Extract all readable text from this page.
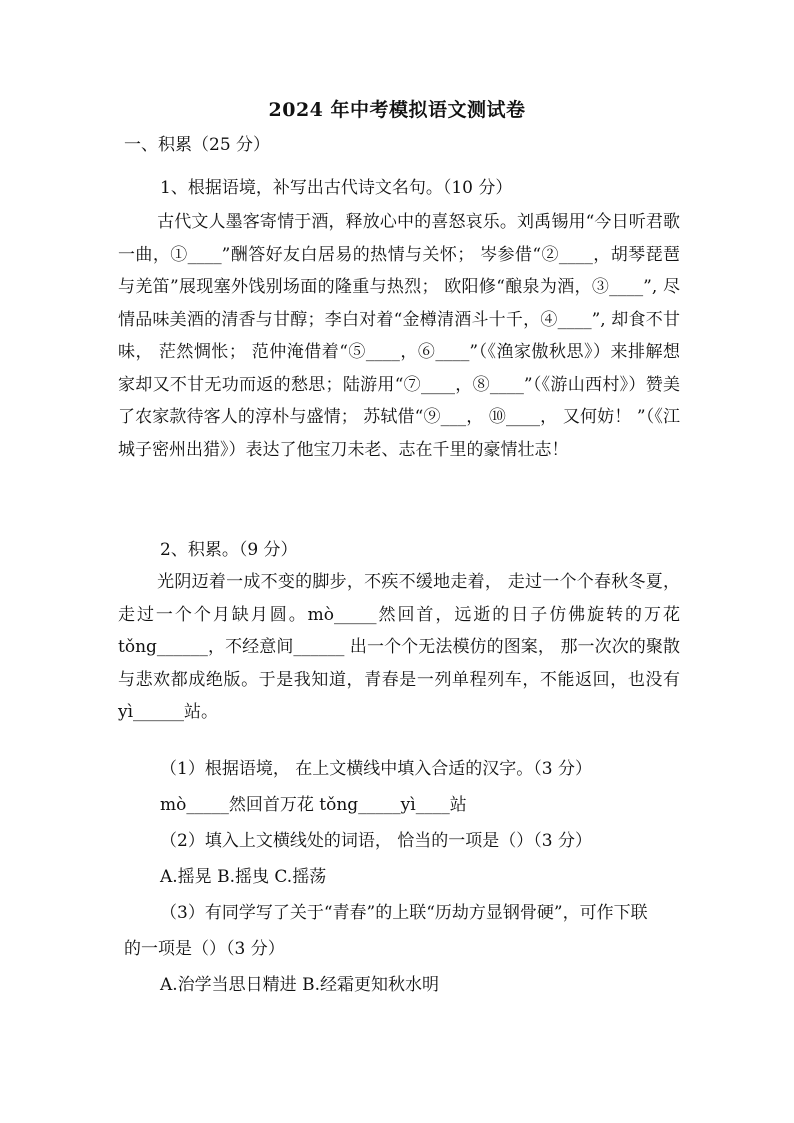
2024 年中考模拟语文测试卷
一、积累（25 分）
1、根据语境，补写出古代诗文名句。（10 分）

古代文人墨客寄情于酒，释放心中的喜怒哀乐。刘禹锡用“今日听君歌一曲，①____”酬答好友白居易的热情与关怀； 岑参借“②____，胡琴琵琶与羌笛”展现塞外饯别场面的隆重与热烈； 欧阳修“酿泉为酒，③____”, 尽情品味美酒的清香与甘醇；李白对着“金樽清酒斗十千，④____”, 却食不甘味， 茫然惆怅； 范仲淹借着“⑤____，⑥____”（《渔家傲秋思》）来排解想家却又不甘无功而返的愁思；陆游用“⑦____，⑧____”（《游山西村》）赞美了农家款待客人的淳朴与盛情； 苏轼借“⑨___， ⑩____， 又何妨！ ”（《江城子密州出猎》）表达了他宝刀未老、志在千里的豪情壮志！

2、积累。（9 分）

光阴迈着一成不变的脚步，不疾不缓地走着， 走过一个个春秋冬夏，走过一个个月缺月圆。mò_____然回首，远逝的日子仿佛旋转的万花 tǒng______，不经意间______ 出一个个无法模仿的图案， 那一次次的聚散与悲欢都成绝版。于是我知道，青春是一列单程列车，不能返回，也没有 yì______站。

（1）根据语境， 在上文横线中填入合适的汉字。（3 分）
mò_____然回首万花 tǒng_____yì____站
（2）填入上文横线处的词语， 恰当的一项是（）（3 分）
A.摇晃 B.摇曳 C.摇荡
（3）有同学写了关于“青春”的上联“历劫方显钢骨硬”，可作下联
的一项是（）（3 分）
A.治学当思日精进 B.经霜更知秋水明
